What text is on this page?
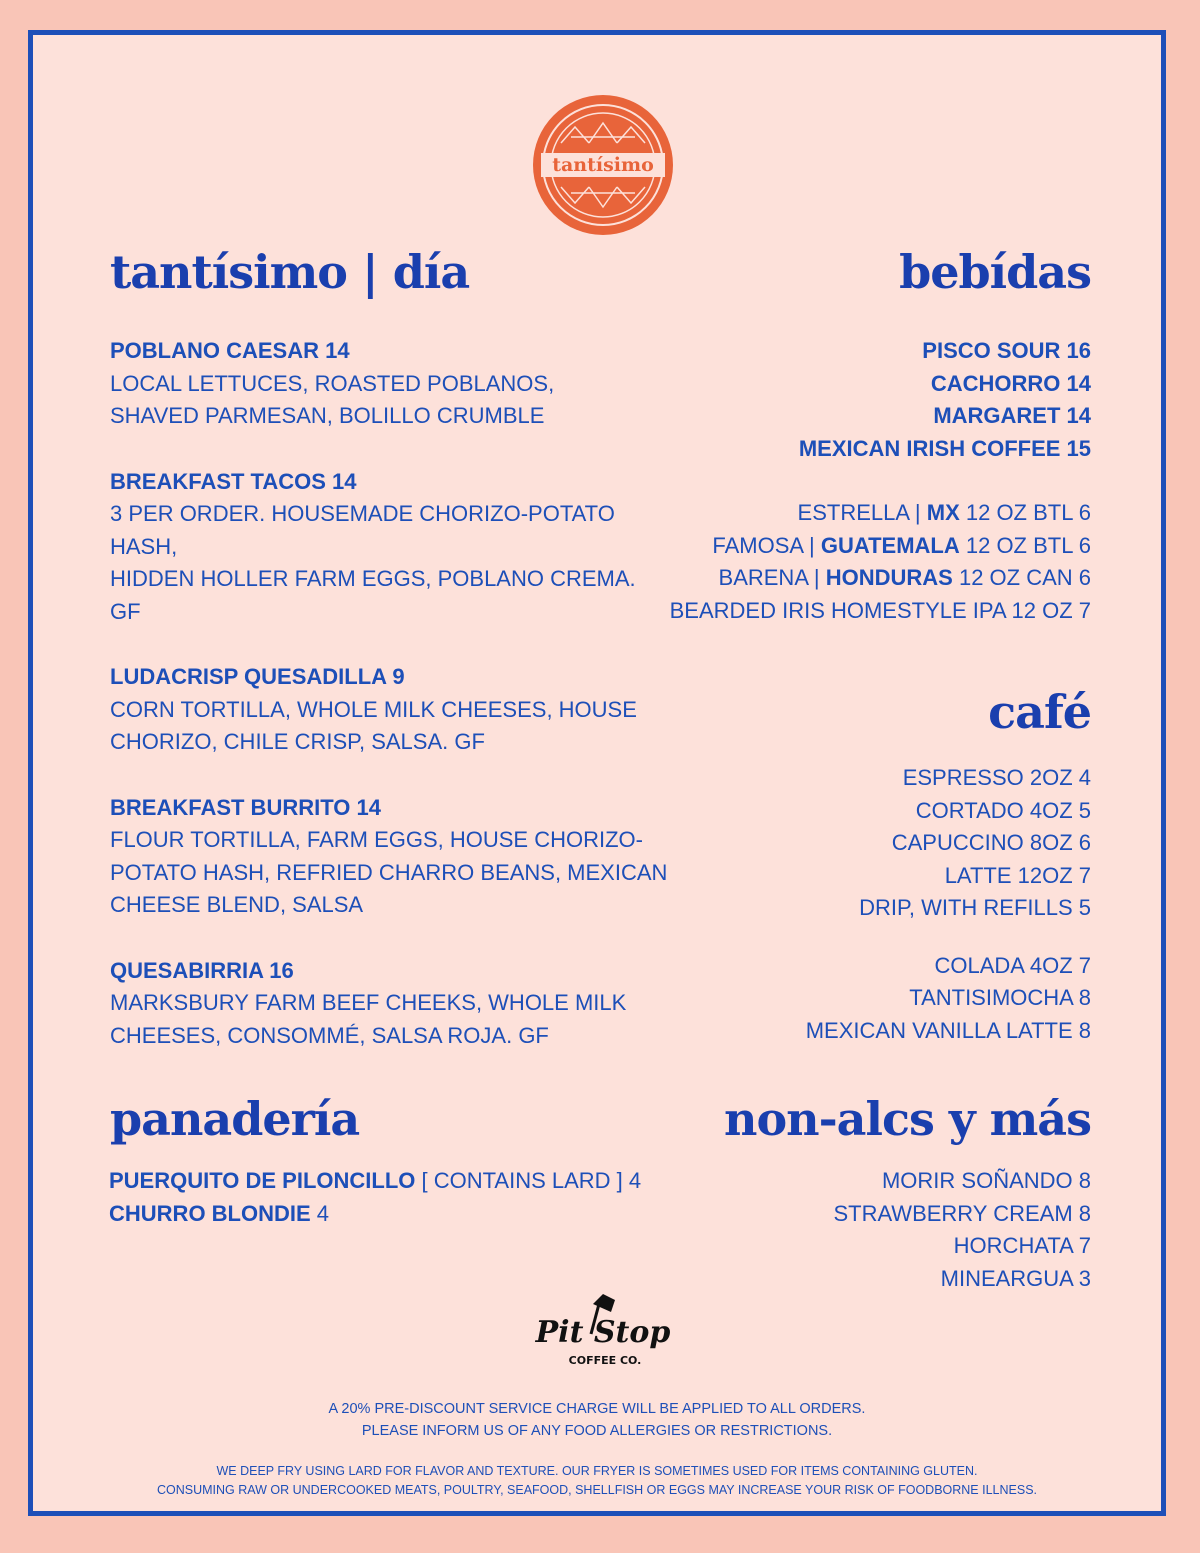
tantísimo
tantísimo | día	bebídas
café
panadería	non-alcs y más
POBLANO CAESAR 14
LOCAL LETTUCES, ROASTED POBLANOS,
SHAVED PARMESAN, BOLILLO CRUMBLE
BREAKFAST TACOS 14
3 PER ORDER. HOUSEMADE CHORIZO-POTATO HASH,
HIDDEN HOLLER FARM EGGS, POBLANO CREMA. GF
LUDACRISP QUESADILLA 9
CORN TORTILLA, WHOLE MILK CHEESES, HOUSE
CHORIZO, CHILE CRISP, SALSA. GF
BREAKFAST BURRITO 14
FLOUR TORTILLA, FARM EGGS, HOUSE CHORIZO-
POTATO HASH, REFRIED CHARRO BEANS, MEXICAN
CHEESE BLEND, SALSA
QUESABIRRIA 16
MARKSBURY FARM BEEF CHEEKS, WHOLE MILK
CHEESES, CONSOMMÉ, SALSA ROJA. GF
PISCO SOUR 16
CACHORRO 14
MARGARET 14
MEXICAN IRISH COFFEE 15
ESTRELLA | MX 12 OZ BTL 6
FAMOSA | GUATEMALA 12 OZ BTL 6
BARENA | HONDURAS 12 OZ CAN 6
BEARDED IRIS HOMESTYLE IPA 12 OZ 7
ESPRESSO 2OZ 4
CORTADO 4OZ 5
CAPUCCINO 8OZ 6
LATTE 12OZ 7
DRIP, WITH REFILLS 5
COLADA 4OZ 7
TANTISIMOCHA 8
MEXICAN VANILLA LATTE 8
PUERQUITO DE PILONCILLO [ CONTAINS LARD ] 4
CHURRO BLONDIE 4
MORIR SOÑANDO 8
STRAWBERRY CREAM 8
HORCHATA 7
MINEARGUA 3
Pit Stop
COFFEE CO.
A 20% PRE-DISCOUNT SERVICE CHARGE WILL BE APPLIED TO ALL ORDERS.
PLEASE INFORM US OF ANY FOOD ALLERGIES OR RESTRICTIONS.
WE DEEP FRY USING LARD FOR FLAVOR AND TEXTURE. OUR FRYER IS SOMETIMES USED FOR ITEMS CONTAINING GLUTEN.
CONSUMING RAW OR UNDERCOOKED MEATS, POULTRY, SEAFOOD, SHELLFISH OR EGGS MAY INCREASE YOUR RISK OF FOODBORNE ILLNESS.
